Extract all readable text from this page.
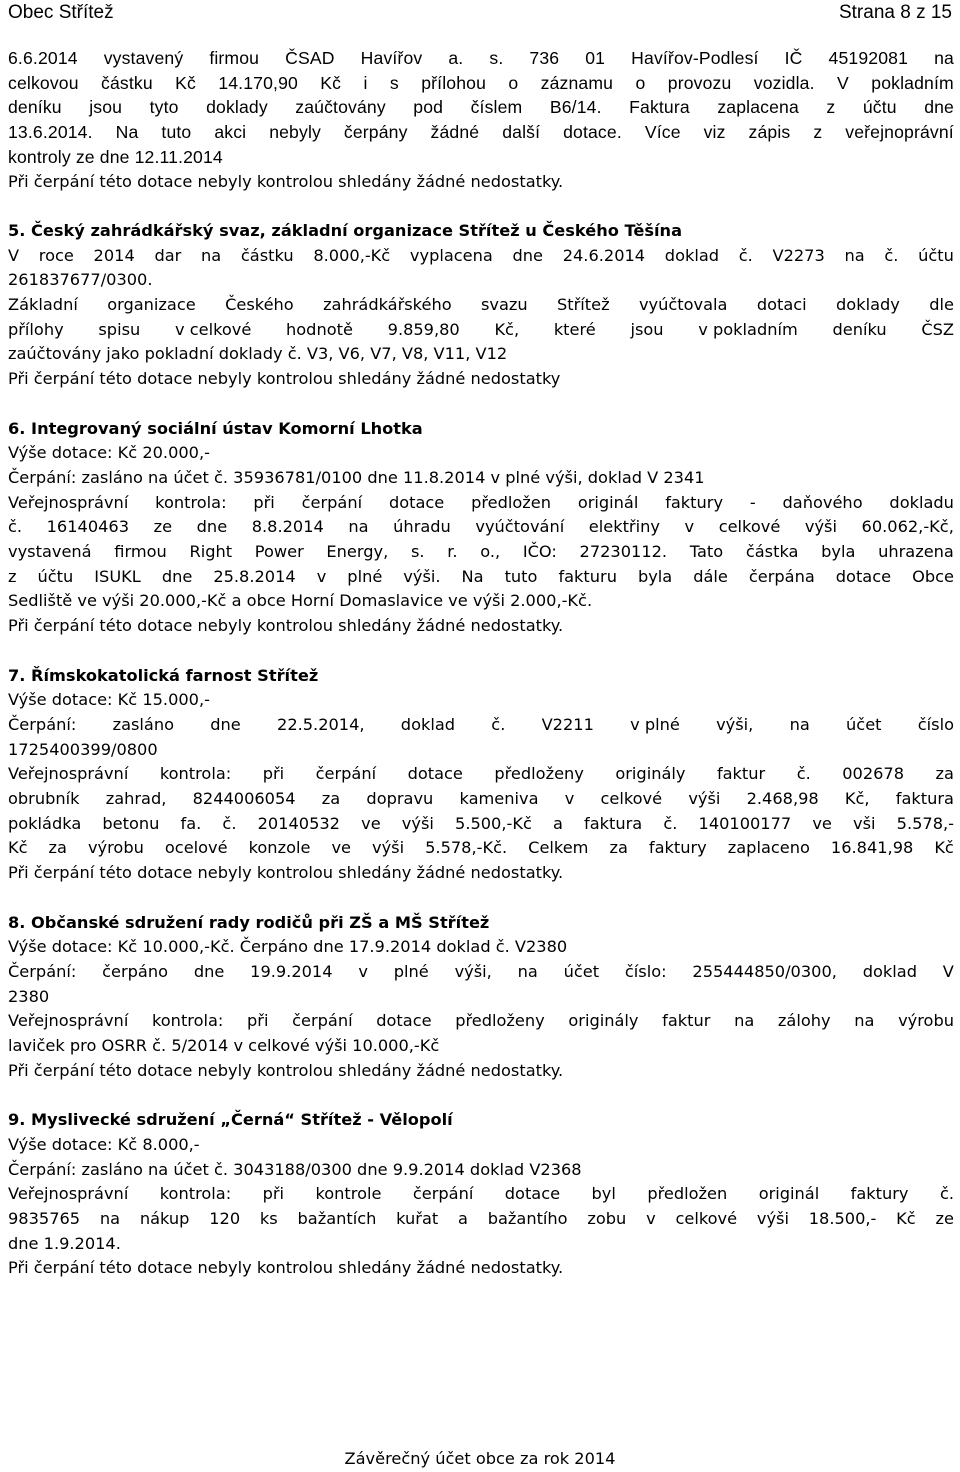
Obec Střítež	Strana 8 z 15
6.6.2014 vystavený firmou ČSAD Havířov a. s. 736 01 Havířov-Podlesí IČ 45192081 na
celkovou částku Kč 14.170,90 Kč i s přílohou o záznamu o provozu vozidla. V pokladním
deníku jsou tyto doklady zaúčtovány pod číslem B6/14. Faktura zaplacena z účtu dne
13.6.2014. Na tuto akci nebyly čerpány žádné další dotace. Více viz zápis z veřejnoprávní
kontroly ze dne 12.11.2014
Při čerpání této dotace nebyly kontrolou shledány žádné nedostatky.
5. Český zahrádkářský svaz, základní organizace Střítež u Českého Těšína
V roce 2014 dar na částku 8.000,-Kč vyplacena dne 24.6.2014 doklad č. V2273 na č. účtu
261837677/0300.
Základní organizace Českého zahrádkářského svazu Střítež vyúčtovala dotaci doklady dle
přílohy spisu v celkové hodnotě 9.859,80 Kč, které jsou v pokladním deníku ČSZ
zaúčtovány jako pokladní doklady č. V3, V6, V7, V8, V11, V12
Při čerpání této dotace nebyly kontrolou shledány žádné nedostatky
6. Integrovaný sociální ústav Komorní Lhotka
Výše dotace: Kč 20.000,-
Čerpání: zasláno na účet č. 35936781/0100 dne 11.8.2014 v plné výši, doklad V 2341
Veřejnosprávní kontrola: při čerpání dotace předložen originál faktury - daňového dokladu
č. 16140463 ze dne 8.8.2014 na úhradu vyúčtování elektřiny v celkové výši 60.062,-Kč,
vystavená firmou Right Power Energy, s. r. o., IČO: 27230112. Tato částka byla uhrazena
z účtu ISUKL dne 25.8.2014 v plné výši. Na tuto fakturu byla dále čerpána dotace Obce
Sedliště ve výši 20.000,-Kč a obce Horní Domaslavice ve výši 2.000,-Kč.
Při čerpání této dotace nebyly kontrolou shledány žádné nedostatky.
7. Římskokatolická farnost Střítež
Výše dotace: Kč 15.000,-
Čerpání: zasláno dne 22.5.2014, doklad č. V2211 v plné výši, na účet číslo
1725400399/0800
Veřejnosprávní kontrola: při čerpání dotace předloženy originály faktur č. 002678 za
obrubník zahrad, 8244006054 za dopravu kameniva v celkové výši 2.468,98 Kč, faktura
pokládka betonu fa. č. 20140532 ve výši 5.500,-Kč a faktura č. 140100177 ve vši 5.578,-
Kč za výrobu ocelové konzole ve výši 5.578,-Kč. Celkem za faktury zaplaceno 16.841,98 Kč
Při čerpání této dotace nebyly kontrolou shledány žádné nedostatky.
8. Občanské sdružení rady rodičů při ZŠ a MŠ Střítež
Výše dotace: Kč 10.000,-Kč. Čerpáno dne 17.9.2014 doklad č. V2380
Čerpání: čerpáno dne 19.9.2014 v plné výši, na účet číslo: 255444850/0300, doklad V
2380
Veřejnosprávní kontrola: při čerpání dotace předloženy originály faktur na zálohy na výrobu
laviček pro OSRR č. 5/2014 v celkové výši 10.000,-Kč
Při čerpání této dotace nebyly kontrolou shledány žádné nedostatky.
9. Myslivecké sdružení „Černá“ Střítež - Vělopolí
Výše dotace: Kč 8.000,-
Čerpání: zasláno na účet č. 3043188/0300 dne 9.9.2014 doklad V2368
Veřejnosprávní kontrola: při kontrole čerpání dotace byl předložen originál faktury č.
9835765 na nákup 120 ks bažantích kuřat a bažantího zobu v celkové výši 18.500,- Kč ze
dne 1.9.2014.
Při čerpání této dotace nebyly kontrolou shledány žádné nedostatky.
Závěrečný účet obce za rok 2014
